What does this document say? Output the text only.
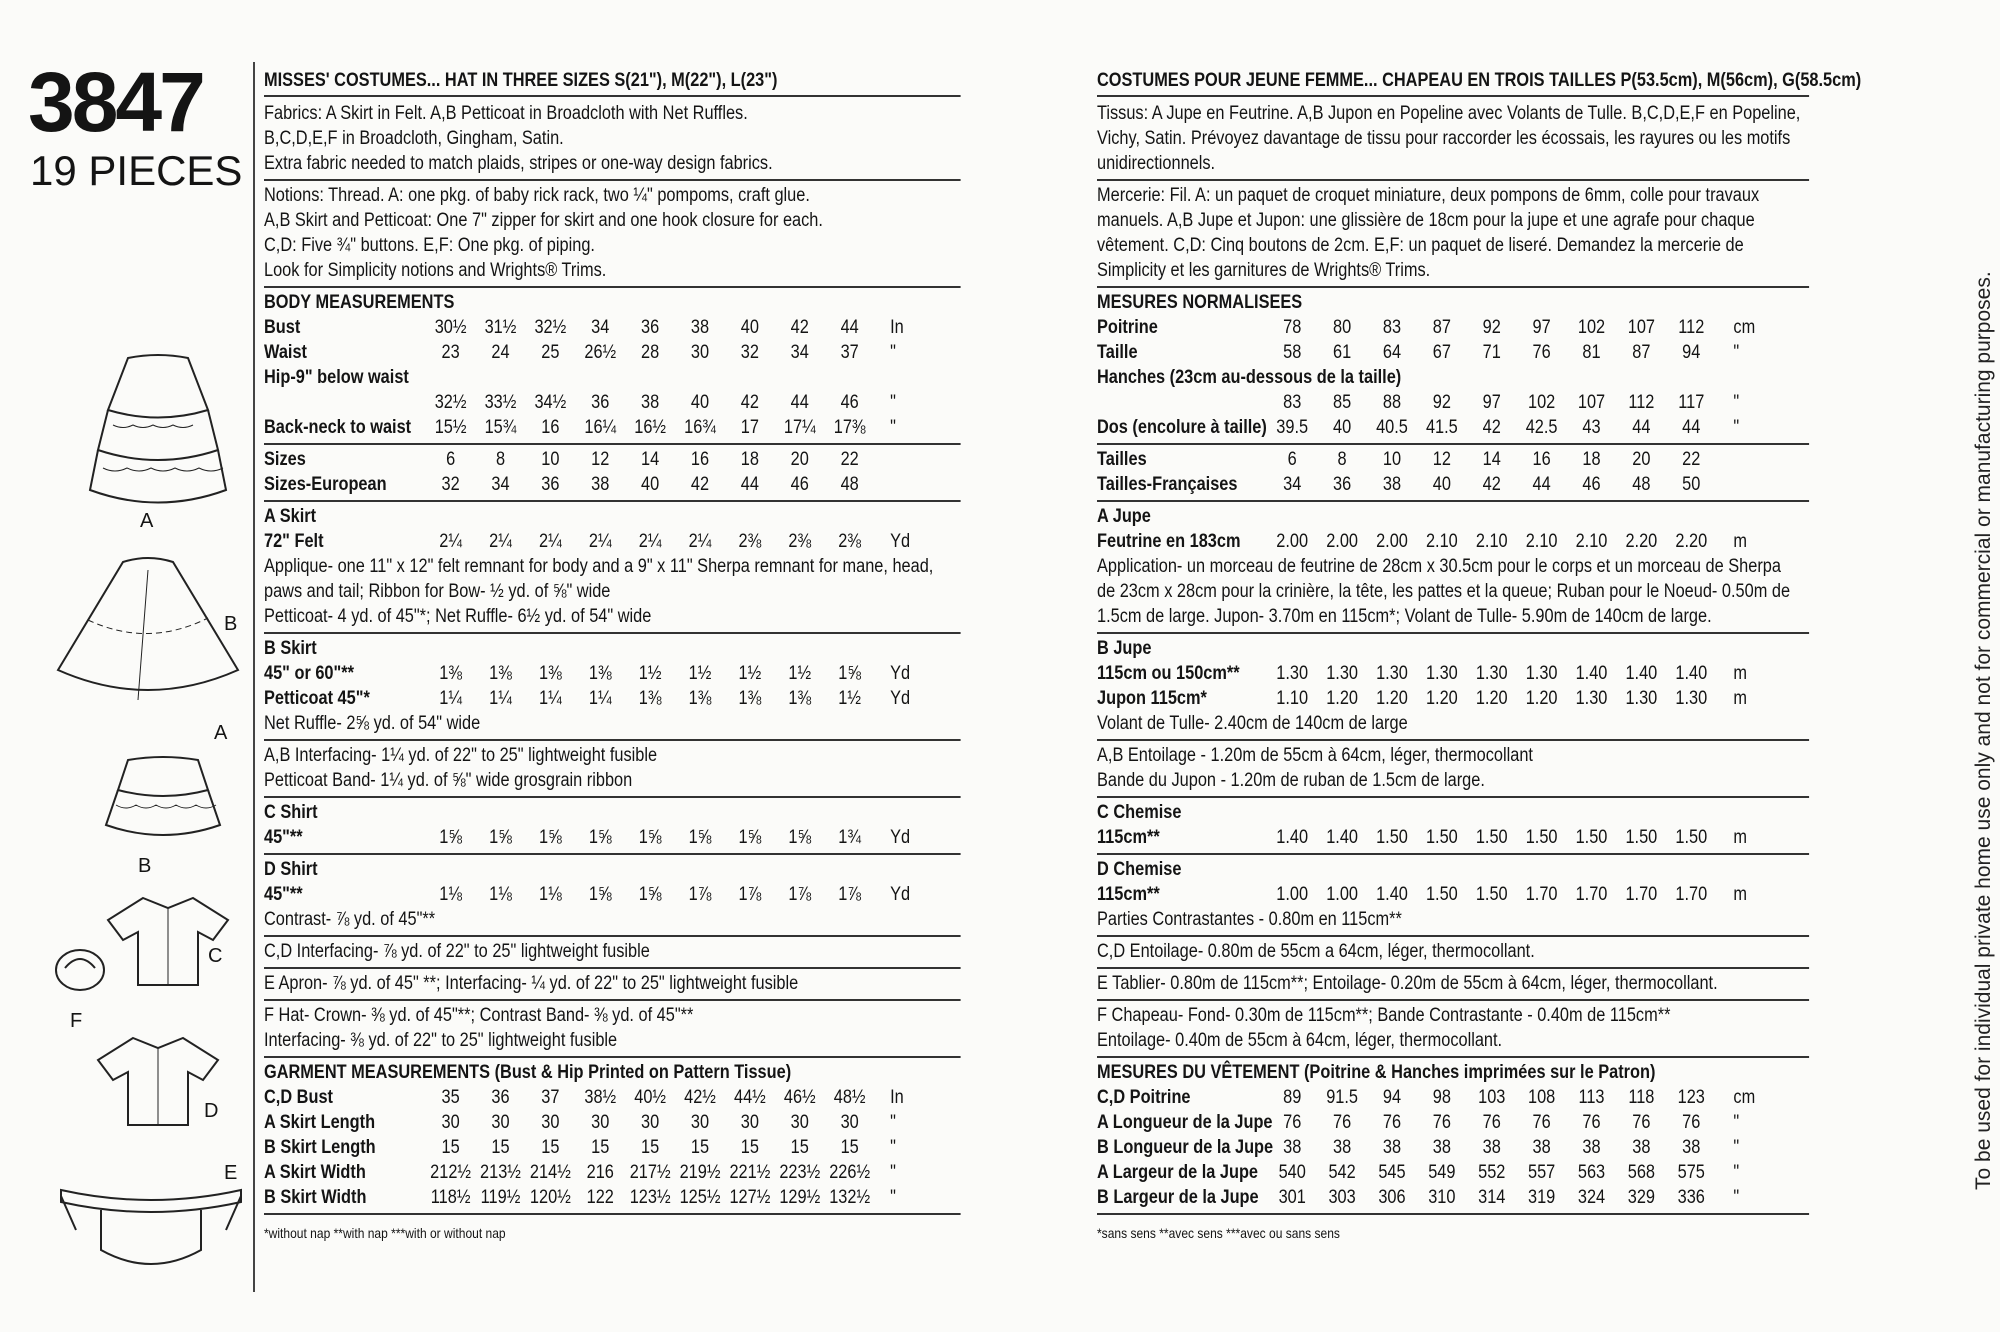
3847
19 PIECES
A
B
A
B
C
F
D
E
MISSES' COSTUMES... HAT IN THREE SIZES S(21"), M(22"), L(23")
Fabrics: A Skirt in Felt. A,B Petticoat in Broadcloth with Net Ruffles.
B,C,D,E,F in Broadcloth, Gingham, Satin.
Extra fabric needed to match plaids, stripes or one-way design fabrics.
Notions: Thread. A: one pkg. of baby rick rack, two ¼" pompoms, craft glue.
A,B Skirt and Petticoat: One 7" zipper for skirt and one hook closure for each.
C,D: Five ¾" buttons. E,F: One pkg. of piping.
Look for Simplicity notions and Wrights® Trims.
BODY MEASUREMENTS
Bust	30½ 31½ 32½	34	36	38	40	42	44	In
Waist	23	24	25	26½	28	30	32	34	37	"
Hip-9" below waist
32½ 33½ 34½	36	38	40	42	44	46	"
Back-neck to waist	15½ 15¾	16	16¼ 16½ 16¾	17	17¼ 17⅜	"
Sizes	6	8	10	12	14	16	18	20	22
Sizes-European	32	34	36	38	40	42	44	46	48
A Skirt
72" Felt	2¼	2¼	2¼	2¼	2¼	2¼	2⅜	2⅜	2⅜	Yd
Applique- one 11" x 12" felt remnant for body and a 9" x 11" Sherpa remnant for mane, head,
paws and tail; Ribbon for Bow- ½ yd. of ⅝" wide
Petticoat- 4 yd. of 45"*; Net Ruffle- 6½ yd. of 54" wide
B Skirt
45" or 60"**	1⅜	1⅜	1⅜	1⅜	1½	1½	1½	1½	1⅝	Yd
Petticoat 45"*	1¼	1¼	1¼	1¼	1⅜	1⅜	1⅜	1⅜	1½	Yd
Net Ruffle- 2⅝ yd. of 54" wide
A,B Interfacing- 1¼ yd. of 22" to 25" lightweight fusible
Petticoat Band- 1¼ yd. of ⅝" wide grosgrain ribbon
C Shirt
45"**	1⅝	1⅝	1⅝	1⅝	1⅝	1⅝	1⅝	1⅝	1¾	Yd
D Shirt
45"**	1⅛	1⅛	1⅛	1⅝	1⅝	1⅞	1⅞	1⅞	1⅞	Yd
Contrast- ⅞ yd. of 45"**
C,D Interfacing- ⅞ yd. of 22" to 25" lightweight fusible
E Apron- ⅞ yd. of 45" **; Interfacing- ¼ yd. of 22" to 25" lightweight fusible
F Hat- Crown- ⅜ yd. of 45"**; Contrast Band- ⅜ yd. of 45"**
Interfacing- ⅜ yd. of 22" to 25" lightweight fusible
GARMENT MEASUREMENTS (Bust & Hip Printed on Pattern Tissue)
C,D Bust	35	36	37	38½ 40½ 42½ 44½ 46½ 48½	In
A Skirt Length	30	30	30	30	30	30	30	30	30	"
B Skirt Length	15	15	15	15	15	15	15	15	15	"
A Skirt Width	212½ 213½ 214½ 216 217½ 219½ 221½ 223½ 226½ "
B Skirt Width	118½ 119½ 120½ 122 123½ 125½ 127½ 129½ 132½ "
*without nap **with nap ***with or without nap
COSTUMES POUR JEUNE FEMME... CHAPEAU EN TROIS TAILLES P(53.5cm), M(56cm), G(58.5cm)
Tissus: A Jupe en Feutrine. A,B Jupon en Popeline avec Volants de Tulle. B,C,D,E,F en Popeline,
Vichy, Satin. Prévoyez davantage de tissu pour raccorder les écossais, les rayures ou les motifs
unidirectionnels.
Mercerie: Fil. A: un paquet de croquet miniature, deux pompons de 6mm, colle pour travaux
manuels. A,B Jupe et Jupon: une glissière de 18cm pour la jupe et une agrafe pour chaque
vêtement. C,D: Cinq boutons de 2cm. E,F: un paquet de liseré. Demandez la mercerie de
Simplicity et les garnitures de Wrights® Trims.
MESURES NORMALISEES
Poitrine	78	80	83	87	92	97	102	107	112	cm
Taille	58	61	64	67	71	76	81	87	94	"
Hanches (23cm au-dessous de la taille)
83	85	88	92	97	102	107	112	117	"
Dos (encolure à taille) 39.5	40	40.5 41.5	42	42.5	43	44	44	"
Tailles	6	8	10	12	14	16	18	20	22
Tailles-Françaises	34	36	38	40	42	44	46	48	50
A Jupe
Feutrine en 183cm	2.00 2.00 2.00 2.10 2.10 2.10 2.10 2.20 2.20	m
Application- un morceau de feutrine de 28cm x 30.5cm pour le corps et un morceau de Sherpa
de 23cm x 28cm pour la crinière, la tête, les pattes et la queue; Ruban pour le Noeud- 0.50m de
1.5cm de large. Jupon- 3.70m en 115cm*; Volant de Tulle- 5.90m de 140cm de large.
B Jupe
115cm ou 150cm**	1.30 1.30 1.30 1.30 1.30 1.30 1.40 1.40 1.40	m
Jupon 115cm*	1.10 1.20 1.20 1.20 1.20 1.20 1.30 1.30 1.30	m
Volant de Tulle- 2.40cm de 140cm de large
A,B Entoilage - 1.20m de 55cm à 64cm, léger, thermocollant
Bande du Jupon - 1.20m de ruban de 1.5cm de large.
C Chemise
115cm**	1.40 1.40 1.50 1.50 1.50 1.50 1.50 1.50 1.50	m
D Chemise
115cm**	1.00 1.00 1.40 1.50 1.50 1.70 1.70 1.70 1.70	m
Parties Contrastantes - 0.80m en 115cm**
C,D Entoilage- 0.80m de 55cm a 64cm, léger, thermocollant.
E Tablier- 0.80m de 115cm**; Entoilage- 0.20m de 55cm à 64cm, léger, thermocollant.
F Chapeau- Fond- 0.30m de 115cm**; Bande Contrastante - 0.40m de 115cm**
Entoilage- 0.40m de 55cm à 64cm, léger, thermocollant.
MESURES DU VÊTEMENT (Poitrine & Hanches imprimées sur le Patron)
C,D Poitrine	89	91.5	94	98	103	108	113	118	123	cm
A Longueur de la Jupe 76	76	76	76	76	76	76	76	76	"
B Longueur de la Jupe 38	38	38	38	38	38	38	38	38	"
A Largeur de la Jupe	540	542	545	549	552	557	563	568	575	"
B Largeur de la Jupe	301	303	306	310	314	319	324	329	336	"
*sans sens **avec sens ***avec ou sans sens
To be used for individual private home use only and not for commercial or manufacturing purposes.
